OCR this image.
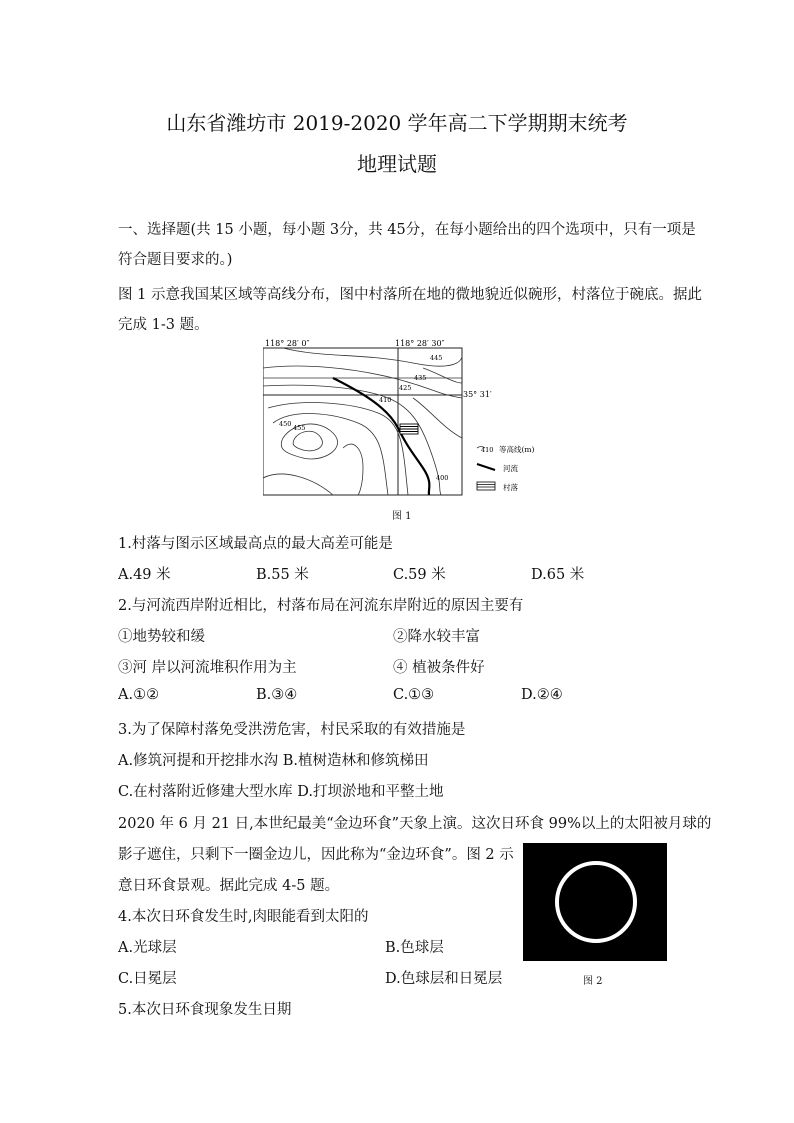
山东省潍坊市 2019-2020 学年高二下学期期末统考
地理试题
一、选择题(共 15 小题，每小题 3分，共 45分，在每小题给出的四个选项中，只有一项是
符合题目要求的。)
图 1 示意我国某区域等高线分布，图中村落所在地的微地貌近似碗形，村落位于碗底。据此
完成 1-3 题。
118° 28′ 0″	118° 28′ 30″
35° 31′
445
435
425
410
455
450
400
410 等高线(m)
河流
村落
图 1
1.村落与图示区域最高点的最大高差可能是
A.49 米	B.55 米	C.59 米	D.65 米
2.与河流西岸附近相比，村落布局在河流东岸附近的原因主要有
①地势较和缓	②降水较丰富
③河 岸以河流堆积作用为主	④ 植被条件好
A.①②	B.③④	C.①③	D.②④
3.为了保障村落免受洪涝危害，村民采取的有效措施是
A.修筑河提和开挖排水沟 B.植树造林和修筑梯田
C.在村落附近修建大型水库 D.打坝淤地和平整土地
2020 年 6 月 21 日,本世纪最美“金边环食”天象上演。这次日环食 99%以上的太阳被月球的
影子遮住，只剩下一圈金边儿，因此称为“金边环食”。图 2 示
意日环食景观。据此完成 4-5 题。
图 2
4.本次日环食发生时,肉眼能看到太阳的
A.光球层	B.色球层
C.日冕层	D.色球层和日冕层
5.本次日环食现象发生日期
